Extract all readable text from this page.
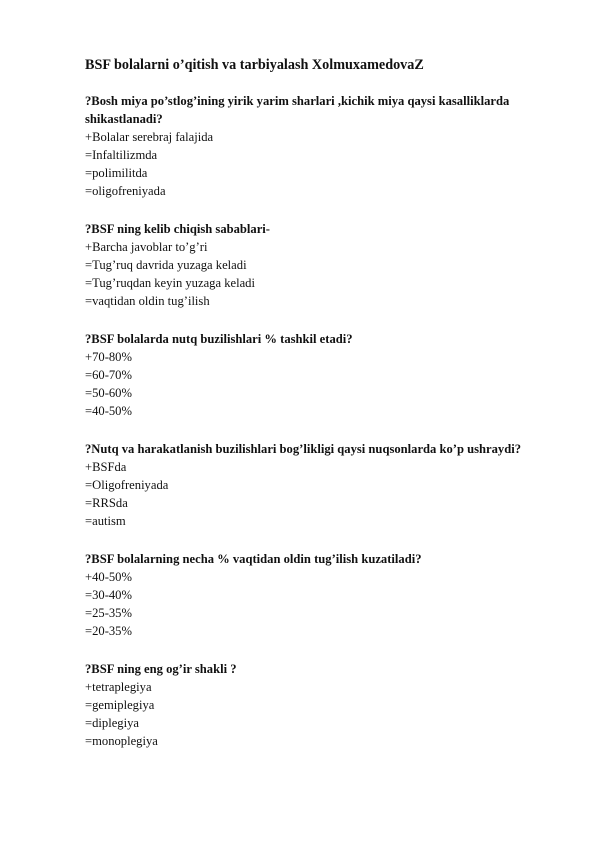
BSF bolalarni o’qitish va tarbiyalash XolmuxamedovaZ

?Bosh miya po’stlog’ining yirik yarim sharlari ,kichik miya qaysi kasalliklarda shikastlanadi?

+Bolalar serebraj falajida

=Infaltilizmda

=polimilitda

=oligofreniyada

?BSF ning kelib chiqish sabablari-

+Barcha javoblar to’g’ri

=Tug’ruq davrida yuzaga keladi

=Tug’ruqdan keyin yuzaga keladi

=vaqtidan oldin tug’ilish

?BSF bolalarda nutq buzilishlari % tashkil etadi?

+70-80%

=60-70%

=50-60%

=40-50%

?Nutq va harakatlanish buzilishlari bog’likligi qaysi nuqsonlarda ko’p ushraydi?

+BSFda

=Oligofreniyada

=RRSda

=autism

?BSF bolalarning necha % vaqtidan oldin tug’ilish kuzatiladi?

+40-50%

=30-40%

=25-35%

=20-35%

?BSF ning eng og’ir shakli ?

+tetraplegiya

=gemiplegiya

=diplegiya

=monoplegiya
